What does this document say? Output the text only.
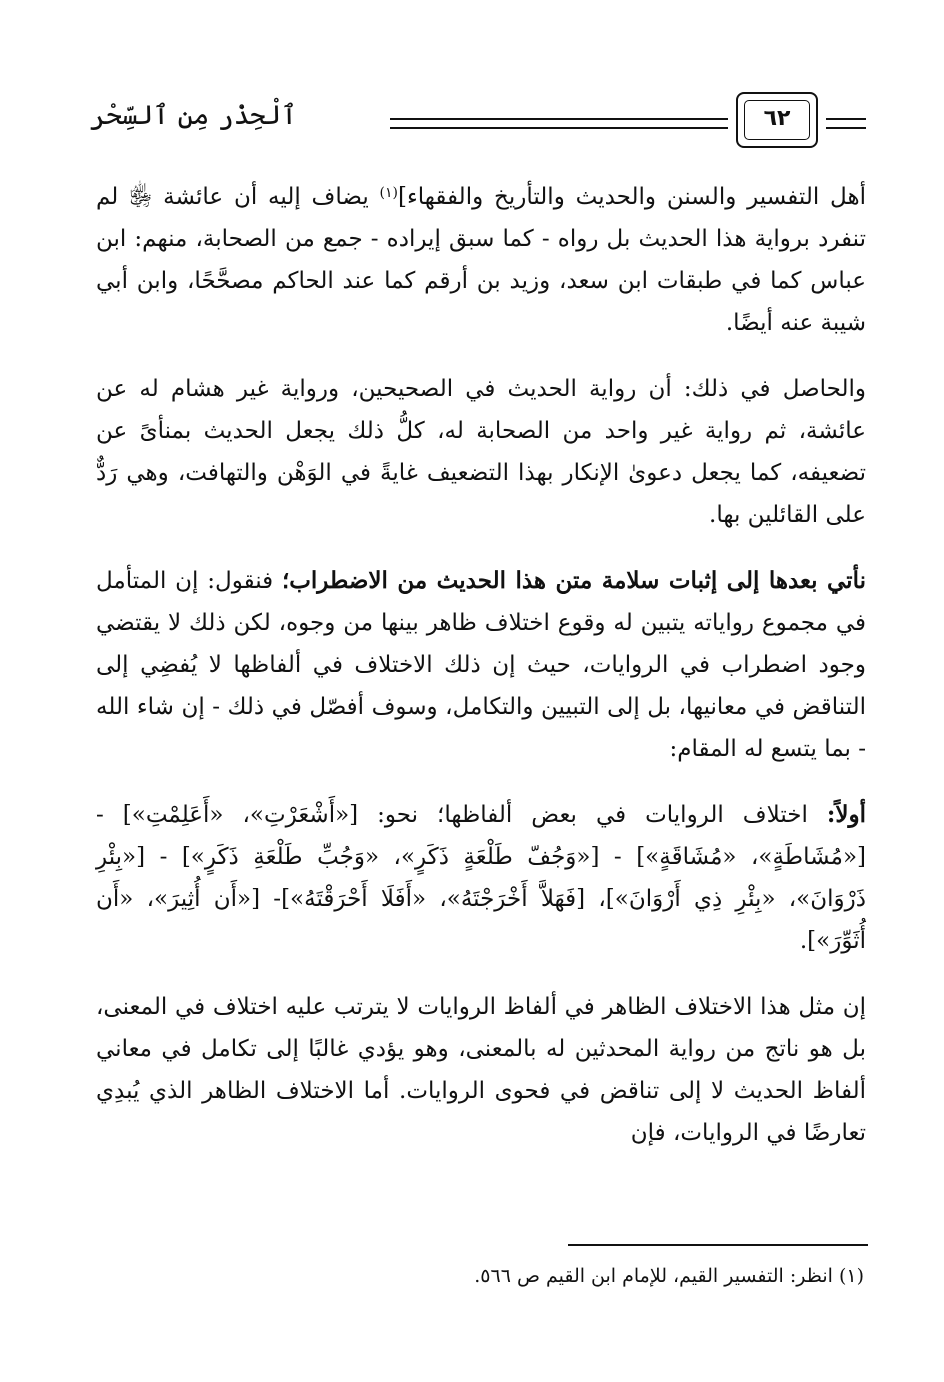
٦٢
ٱلْحِذْر مِن ٱلسِّحْر

أهل التفسير والسنن والحديث والتأريخ والفقهاء]$^{(١)}$ يضاف إليه أن عائشة ﵂ لم تنفرد برواية هذا الحديث بل رواه - كما سبق إيراده - جمع من الصحابة، منهم: ابن عباس كما في طبقات ابن سعد، وزيد بن أرقم كما عند الحاكم مصحَّحًا، وابن أبي شيبة عنه أيضًا.

والحاصل في ذلك: أن رواية الحديث في الصحيحين، ورواية غير هشام له عن عائشة، ثم رواية غير واحد من الصحابة له، كلُّ ذلك يجعل الحديث بمنأىً عن تضعيفه، كما يجعل دعوىٰ الإنكار بهذا التضعيف غايةً في الوَهْن والتهافت، وهي رَدٌّ على القائلين بها.

نأتي بعدها إلى إثبات سلامة متن هذا الحديث من الاضطراب؛ فنقول: إن المتأمل في مجموع رواياته يتبين له وقوع اختلاف ظاهر بينها من وجوه، لكن ذلك لا يقتضي وجود اضطراب في الروايات، حيث إن ذلك الاختلاف في ألفاظها لا يُفضِي إلى التناقض في معانيها، بل إلى التبيين والتكامل، وسوف أفصّل في ذلك - إن شاء الله - بما يتسع له المقام:

أولاً: اختلاف الروايات في بعض ألفاظها؛ نحو: [«أَشْعَرْتِ»، «أَعَلِمْتِ»] - [«مُشَاطَةٍ»، «مُشَاقَةٍ»] - [«وَجُفّ طَلْعَةٍ ذَكَرٍ»، «وَجُبِّ طَلْعَةِ ذَكَرٍ»] - [«بِئْرِ ذَرْوَانَ»، «بِئْرِ ذِي أَرْوَانَ»]، [فَهَلاَّ أَخْرَجْتَهُ»، «أَفَلَا أَحْرَقْتَهُ»]- [«أَن أُثِيرَ»، «أَن أُثَوِّرَ»].

إن مثل هذا الاختلاف الظاهر في ألفاظ الروايات لا يترتب عليه اختلاف في المعنى، بل هو ناتج من رواية المحدثين له بالمعنى، وهو يؤدي غالبًا إلى تكامل في معاني ألفاظ الحديث لا إلى تناقض في فحوى الروايات. أما الاختلاف الظاهر الذي يُبدِي تعارضًا في الروايات، فإن

(١) انظر: التفسير القيم، للإمام ابن القيم ص ٥٦٦.
